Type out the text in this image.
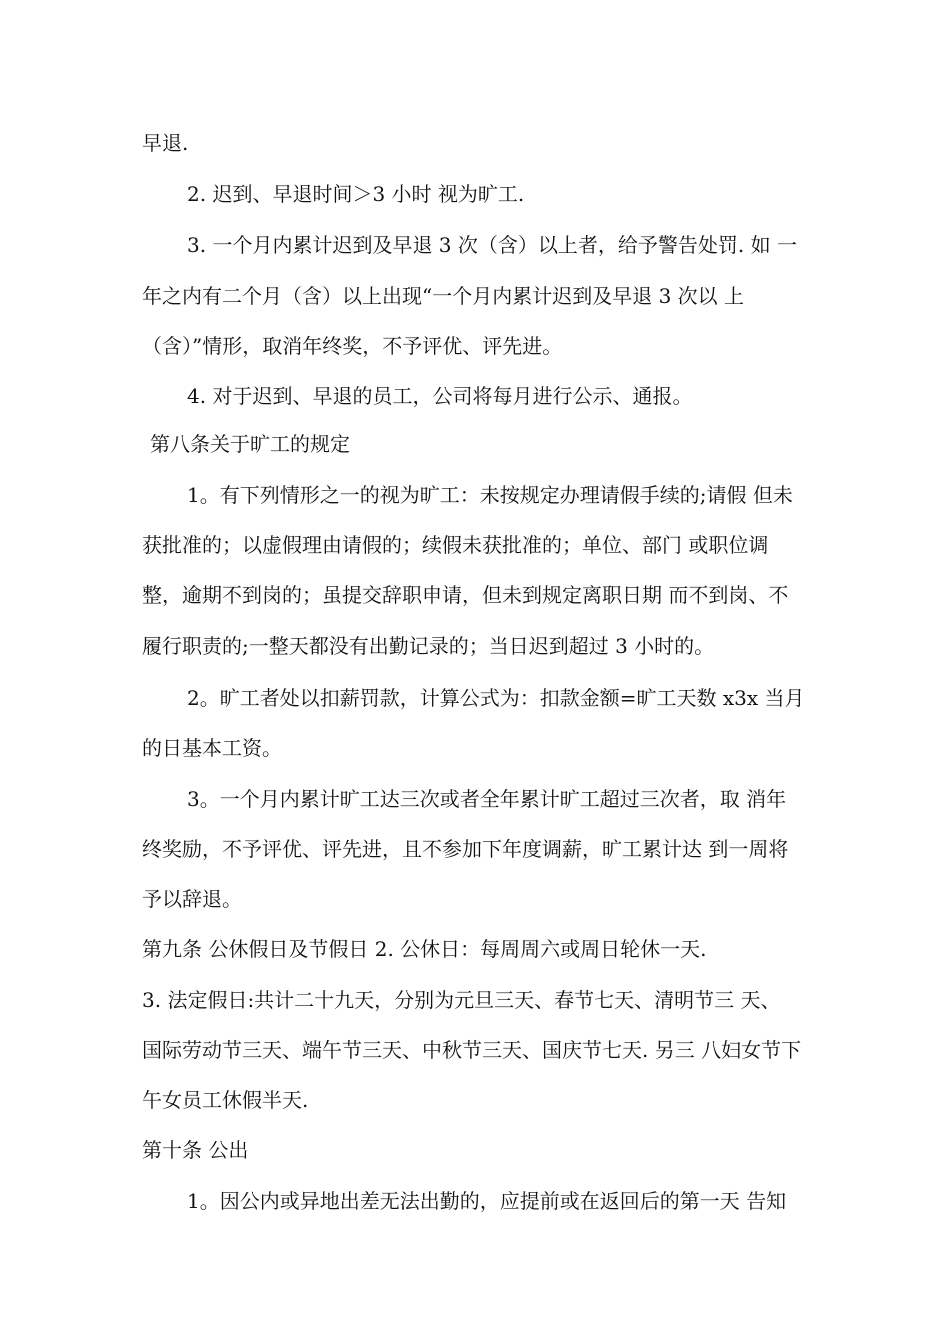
早退.
2. 迟到、早退时间＞3 小时 视为旷工.
3. 一个月内累计迟到及早退 3 次（含）以上者，给予警告处罚. 如 一
年之内有二个月（含）以上出现“一个月内累计迟到及早退 3 次以 上
（含）”情形，取消年终奖，不予评优、评先进。
4. 对于迟到、早退的员工，公司将每月进行公示、通报。
第八条关于旷工的规定
1。有下列情形之一的视为旷工：未按规定办理请假手续的;请假 但未
获批准的；以虚假理由请假的；续假未获批准的；单位、部门 或职位调
整，逾期不到岗的；虽提交辞职申请，但未到规定离职日期 而不到岗、不
履行职责的;一整天都没有出勤记录的；当日迟到超过 3 小时的。
2。旷工者处以扣薪罚款，计算公式为：扣款金额=旷工天数 x3x 当月
的日基本工资。
3。一个月内累计旷工达三次或者全年累计旷工超过三次者，取 消年
终奖励，不予评优、评先进，且不参加下年度调薪，旷工累计达 到一周将
予以辞退。
第九条 公休假日及节假日 2. 公休日：每周周六或周日轮休一天.
3. 法定假日:共计二十九天，分别为元旦三天、春节七天、清明节三 天、
国际劳动节三天、端午节三天、中秋节三天、国庆节七天. 另三 八妇女节下
午女员工休假半天.
第十条 公出
1。因公内或异地出差无法出勤的，应提前或在返回后的第一天 告知
